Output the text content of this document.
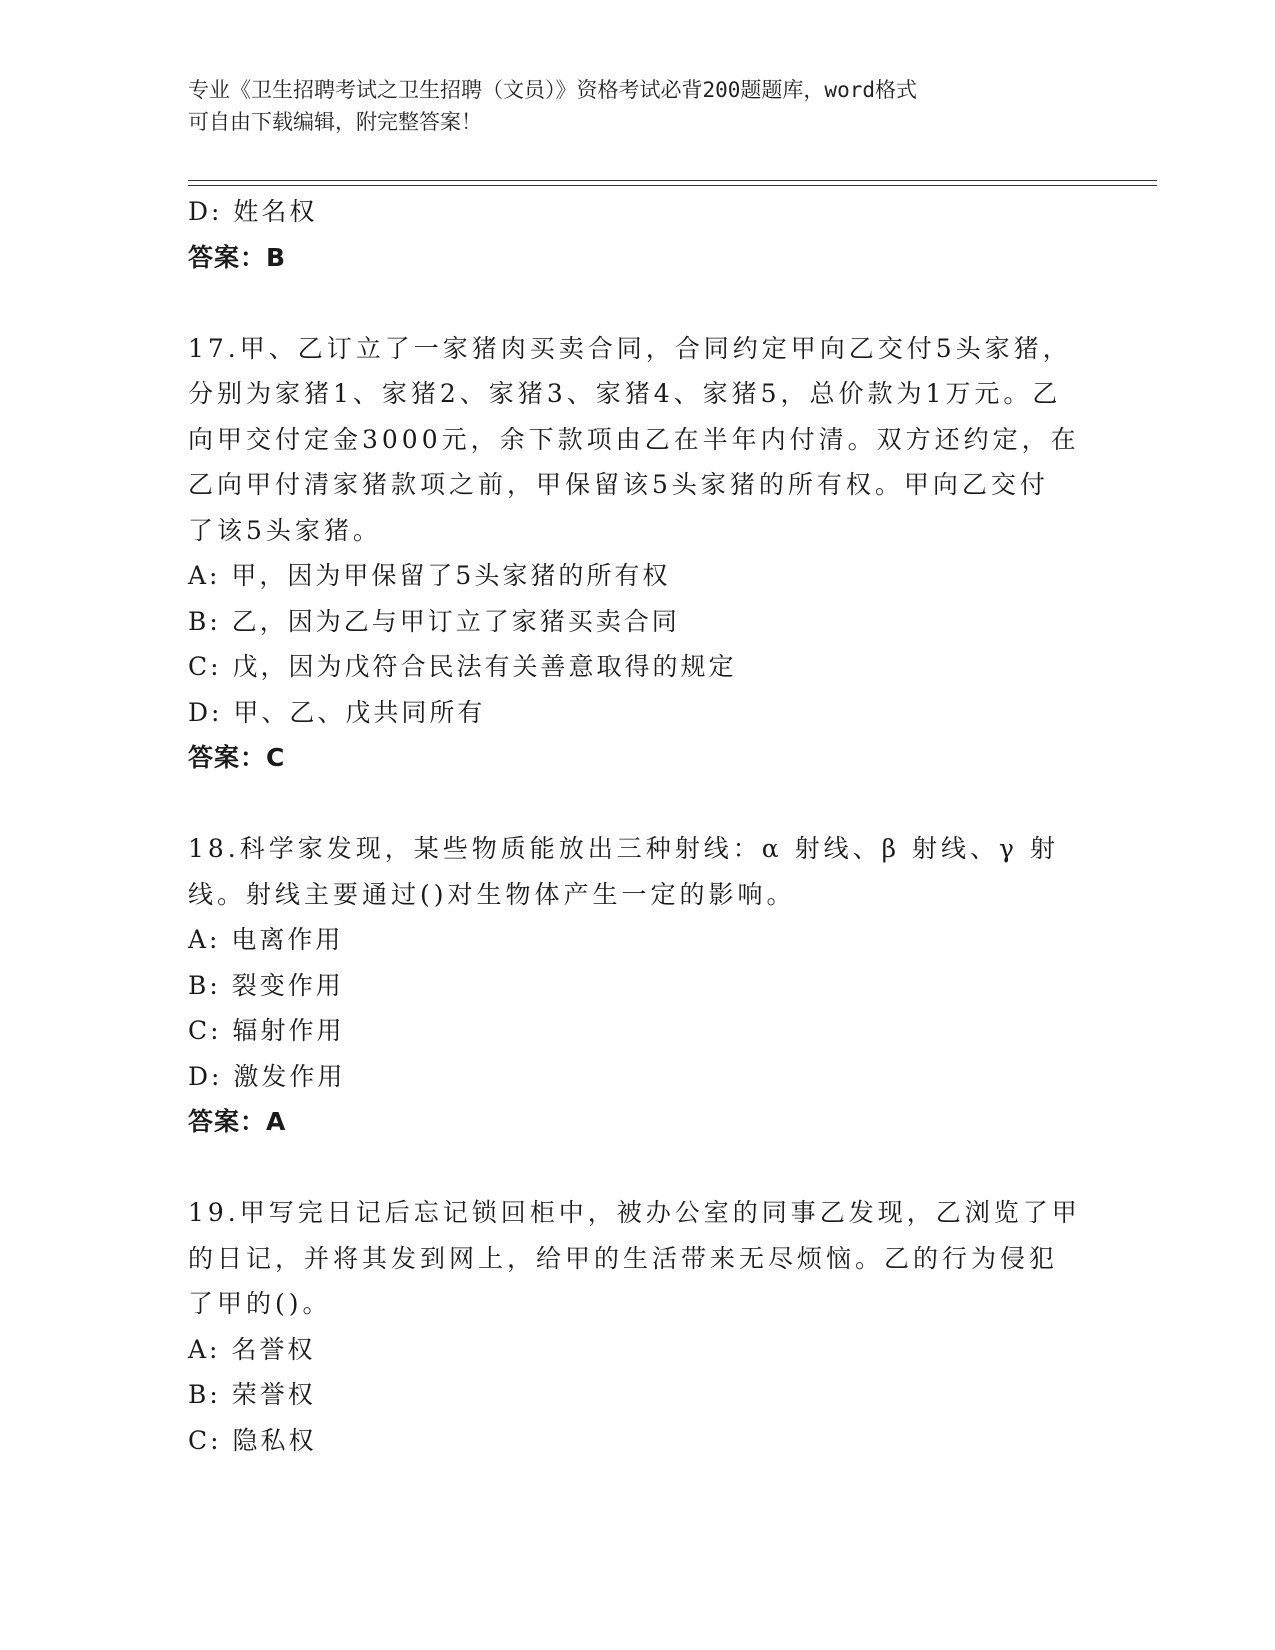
专业《卫生招聘考试之卫生招聘（文员）》资格考试必背200题题库，word格式
可自由下载编辑，附完整答案！
D: 姓名权
答案：B
17.甲、乙订立了一家猪肉买卖合同，合同约定甲向乙交付5头家猪，
分别为家猪1、家猪2、家猪3、家猪4、家猪5，总价款为1万元。乙
向甲交付定金3000元，余下款项由乙在半年内付清。双方还约定，在
乙向甲付清家猪款项之前，甲保留该5头家猪的所有权。甲向乙交付
了该5头家猪。
A: 甲，因为甲保留了5头家猪的所有权
B: 乙，因为乙与甲订立了家猪买卖合同
C: 戊，因为戊符合民法有关善意取得的规定
D: 甲、乙、戊共同所有
答案：C
18.科学家发现，某些物质能放出三种射线：α 射线、β 射线、γ 射
线。射线主要通过()对生物体产生一定的影响。
A: 电离作用
B: 裂变作用
C: 辐射作用
D: 激发作用
答案：A
19.甲写完日记后忘记锁回柜中，被办公室的同事乙发现，乙浏览了甲
的日记，并将其发到网上，给甲的生活带来无尽烦恼。乙的行为侵犯
了甲的()。
A: 名誉权
B: 荣誉权
C: 隐私权
